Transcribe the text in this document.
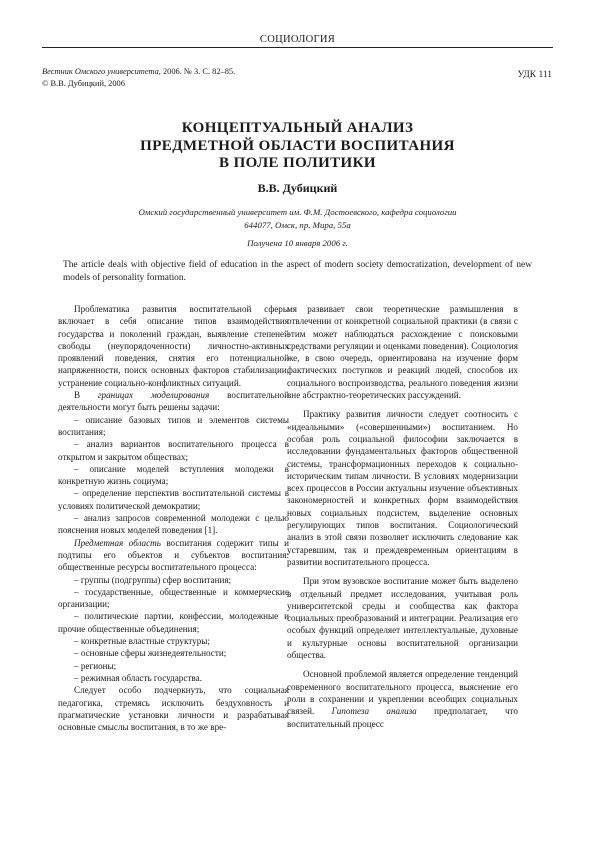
СОЦИОЛОГИЯ
Вестник Омского университета, 2006. № 3. С. 82–85.
© В.В. Дубицкий, 2006
УДК 111
КОНЦЕПТУАЛЬНЫЙ АНАЛИЗ
ПРЕДМЕТНОЙ ОБЛАСТИ ВОСПИТАНИЯ
В ПОЛЕ ПОЛИТИКИ
В.В. Дубицкий
Омский государственный университет им. Ф.М. Достоевского, кафедра социологии
644077, Омск, пр. Мира, 55а
Получена 10 января 2006 г.
The article deals with objective field of education in the aspect of modern society democratization, development of new models of personality formation.

Проблематика развития воспитательной сферы включает в себя описание типов взаимодействия государства и поколений граждан, выявление степеней свободы (неупорядоченности) личностно-активных проявлений поведения, снятия его потенциальной напряженности, поиск основных факторов стабилизации, устранение социально-конфликтных ситуаций.

В границах моделирования воспитательной деятельности могут быть решены задачи:

– описание базовых типов и элементов системы воспитания;

– анализ вариантов воспитательного процесса в открытом и закрытом обществах;

– описание моделей вступления молодежи в конкретную жизнь социума;

– определение перспектив воспитательной системы в условиях политической демократии;

– анализ запросов современной молодежи с целью пояснения новых моделей поведения [1].

Предметная область воспитания содержит типы и подтипы его объектов и субъектов воспитания: общественные ресурсы воспитательного процесса:

– группы (подгруппы) сфер воспитания;

– государственные, общественные и коммерческие организации;

– политические партии, конфессии, молодежные и прочие общественные объединения;

– конкретные властные структуры;

– основные сферы жизнедеятельности;

– регионы;

– режимная область государства.

Следует особо подчеркнуть, что социальная педагогика, стремясь исключить бездуховность и прагматические установки личности и разрабатывая основные смыслы воспитания, в то же вре-

мя развивает свои теоретические размышления в отвлечении от конкретной социальной практики (в связи с этим может наблюдаться расхождение с поисковыми средствами регуляции и оценками поведения). Социология же, в свою очередь, ориентирована на изучение форм фактических поступков и реакций людей, способов их социального воспроизводства, реального поведения жизни вне абстрактно-теоретических рассуждений.

Практику развития личности следует соотносить с «идеальными» («совершенными») воспитанием. Но особая роль социальной философии заключается в исследовании фундаментальных факторов общественной системы, трансформационных переходов к социально-историческим типам личности. В условиях модернизации всех процессов в России актуальны изучение объективных закономерностей и конкретных форм взаимодействия новых социальных подсистем, выделение основных регулирующих типов воспитания. Социологический анализ в этой связи позволяет исключить следование как устаревшим, так и преждевременным ориентациям в развитии воспитательного процесса.

При этом вузовское воспитание может быть выделено в отдельный предмет исследования, учитывая роль университетской среды и сообщества как фактора социальных преобразований и интеграции. Реализация его особых функций определяет интеллектуальные, духовные и культурные основы воспитательной организации общества.

Основной проблемой является определение тенденций современного воспитательного процесса, выяснение его роли в сохранении и укреплении всеобщих социальных связей. Гипотеза анализа предполагает, что воспитательный процесс
